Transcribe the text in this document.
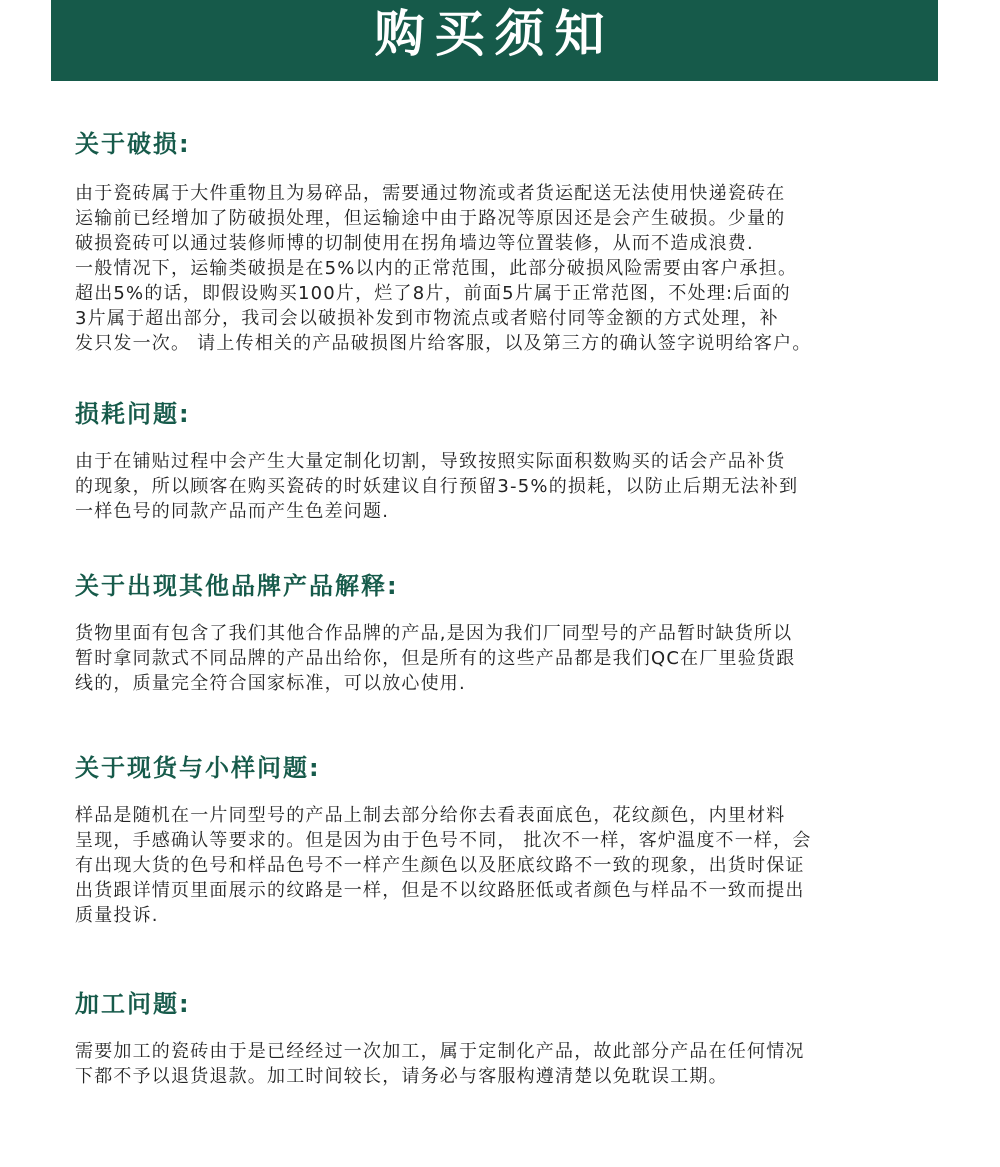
购买须知
关于破损:

由于瓷砖属于大件重物且为易碎品，需要通过物流或者货运配送无法使用快递瓷砖在
运输前已经增加了防破损处理，但运输途中由于路况等原因还是会产生破损。少量的
破损瓷砖可以通过装修师博的切制使用在拐角墙边等位置装修，从而不造成浪费.
一般情况下，运输类破损是在5%以内的正常范围，此部分破损风险需要由客户承担。
超出5%的话，即假设购买100片，烂了8片，前面5片属于正常范图，不处理:后面的
3片属于超出部分，我司会以破损补发到市物流点或者赔付同等金额的方式处理，补
发只发一次。 请上传相关的产品破损图片给客服，以及第三方的确认签字说明给客户。

损耗问题:

由于在铺贴过程中会产生大量定制化切割，导致按照实际面积数购买的话会产品补货
的现象，所以顾客在购买瓷砖的时妖建议自行预留3-5%的损耗，以防止后期无法补到
一样色号的同款产品而产生色差问题.

关于出现其他品牌产品解释:

货物里面有包含了我们其他合作品牌的产品,是因为我们厂同型号的产品暂时缺货所以
暂时拿同款式不同品牌的产品出给你，但是所有的这些产品都是我们QC在厂里验货跟
线的，质量完全符合国家标准，可以放心使用.

关于现货与小样问题:

样品是随机在一片同型号的产品上制去部分给你去看表面底色，花纹颜色，内里材料
呈现，手感确认等要求的。但是因为由于色号不同， 批次不一样，客炉温度不一样，会
有出现大货的色号和样品色号不一样产生颜色以及胚底纹路不一致的现象，出货时保证
出货跟详情页里面展示的纹路是一样，但是不以纹路胚低或者颜色与样品不一致而提出
质量投诉.

加工问题:

需要加工的瓷砖由于是已经经过一次加工，属于定制化产品，故此部分产品在任何情况
下都不予以退货退款。加工时间较长，请务必与客服构遵清楚以免耽误工期。
